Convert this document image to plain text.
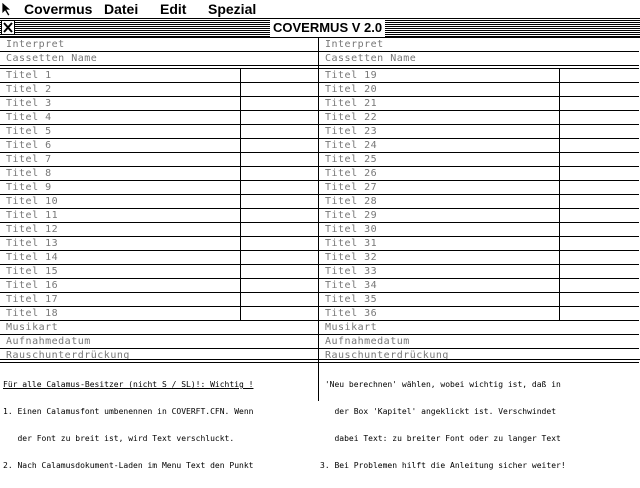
Covermus Datei Edit Spezial
COVERMUS V 2.0
Interpret
Cassetten Name
Titel 1
Titel 2
Titel 3
Titel 4
Titel 5
Titel 6
Titel 7
Titel 8
Titel 9
Titel 10
Titel 11
Titel 12
Titel 13
Titel 14
Titel 15
Titel 16
Titel 17
Titel 18
Musikart
Aufnahmedatum
Rauschunterdrückung
Interpret
Cassetten Name
Titel 19
Titel 20
Titel 21
Titel 22
Titel 23
Titel 24
Titel 25
Titel 26
Titel 27
Titel 28
Titel 29
Titel 30
Titel 31
Titel 32
Titel 33
Titel 34
Titel 35
Titel 36
Musikart
Aufnahmedatum
Rauschunterdrückung

Für alle Calamus-Besitzer (nicht S / SL)!: Wichtig !

1. Einen Calamusfont umbenennen in COVERFT.CFN. Wenn

der Font zu breit ist, wird Text verschluckt.

2. Nach Calamusdokument-Laden im Menu Text den Punkt

'Neu berechnen' wählen, wobei wichtig ist, daß in

der Box 'Kapitel' angeklickt ist. Verschwindet

dabei Text: zu breiter Font oder zu langer Text

3. Bei Problemen hilft die Anleitung sicher weiter!
